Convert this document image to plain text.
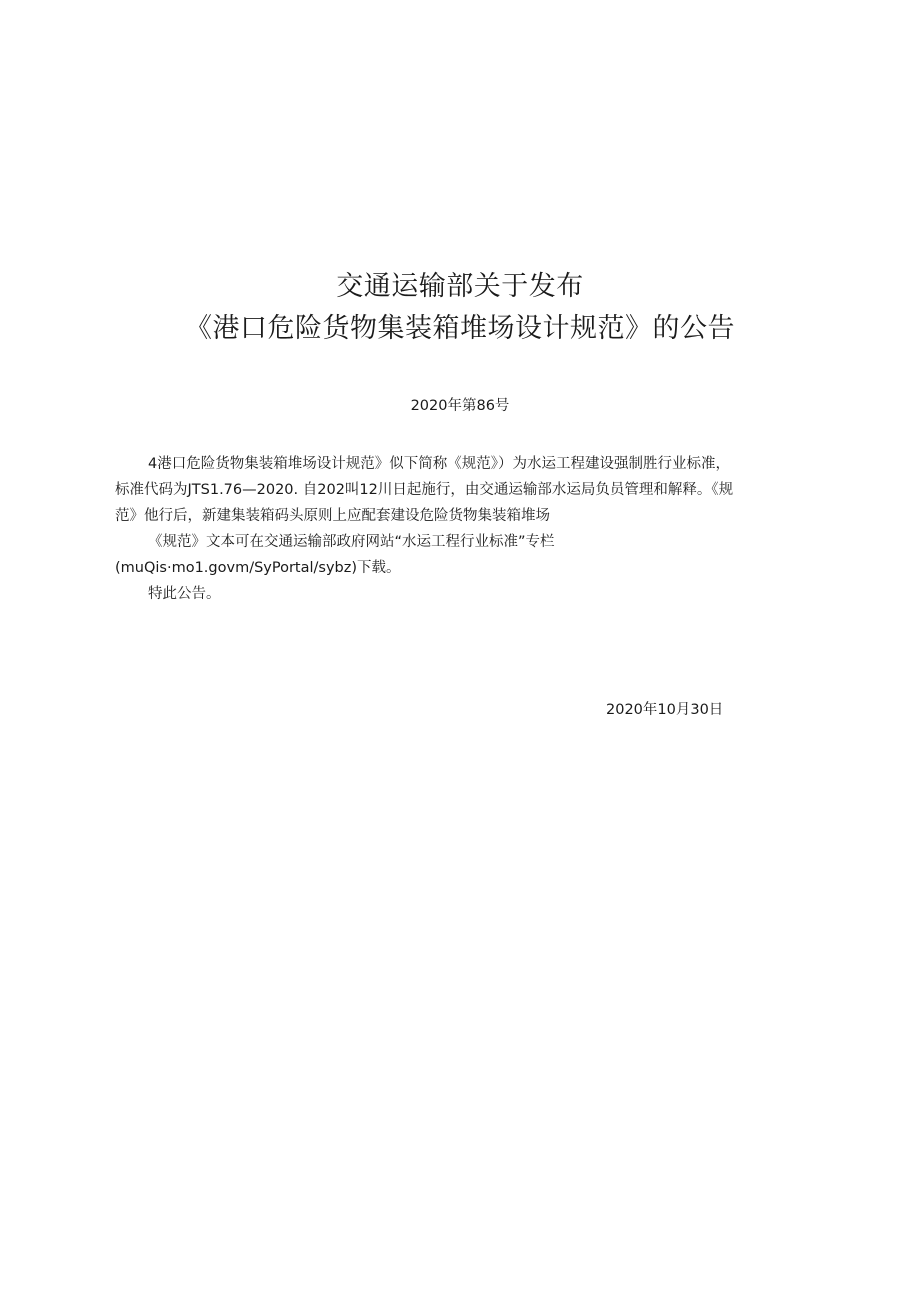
交通运输部关于发布
《港口危险货物集装箱堆场设计规范》的公告
2020年第86号

4港口危险货物集装箱堆场设计规范》似下简称《规范》）为水运工程建设强制胜行业标准，

标准代码为JTS1.76—2020. 自202叫12川日起施行，由交通运输部水运局负员管理和解释。《规

范》他行后，新建集装箱码头原则上应配套建设危险货物集装箱堆场

《规范》文本可在交通运输部政府网站“水运工程行业标准”专栏

(muQis·mo1.govm/SyPortal∕sybz)下载。

特此公告。

2020年10月30日
